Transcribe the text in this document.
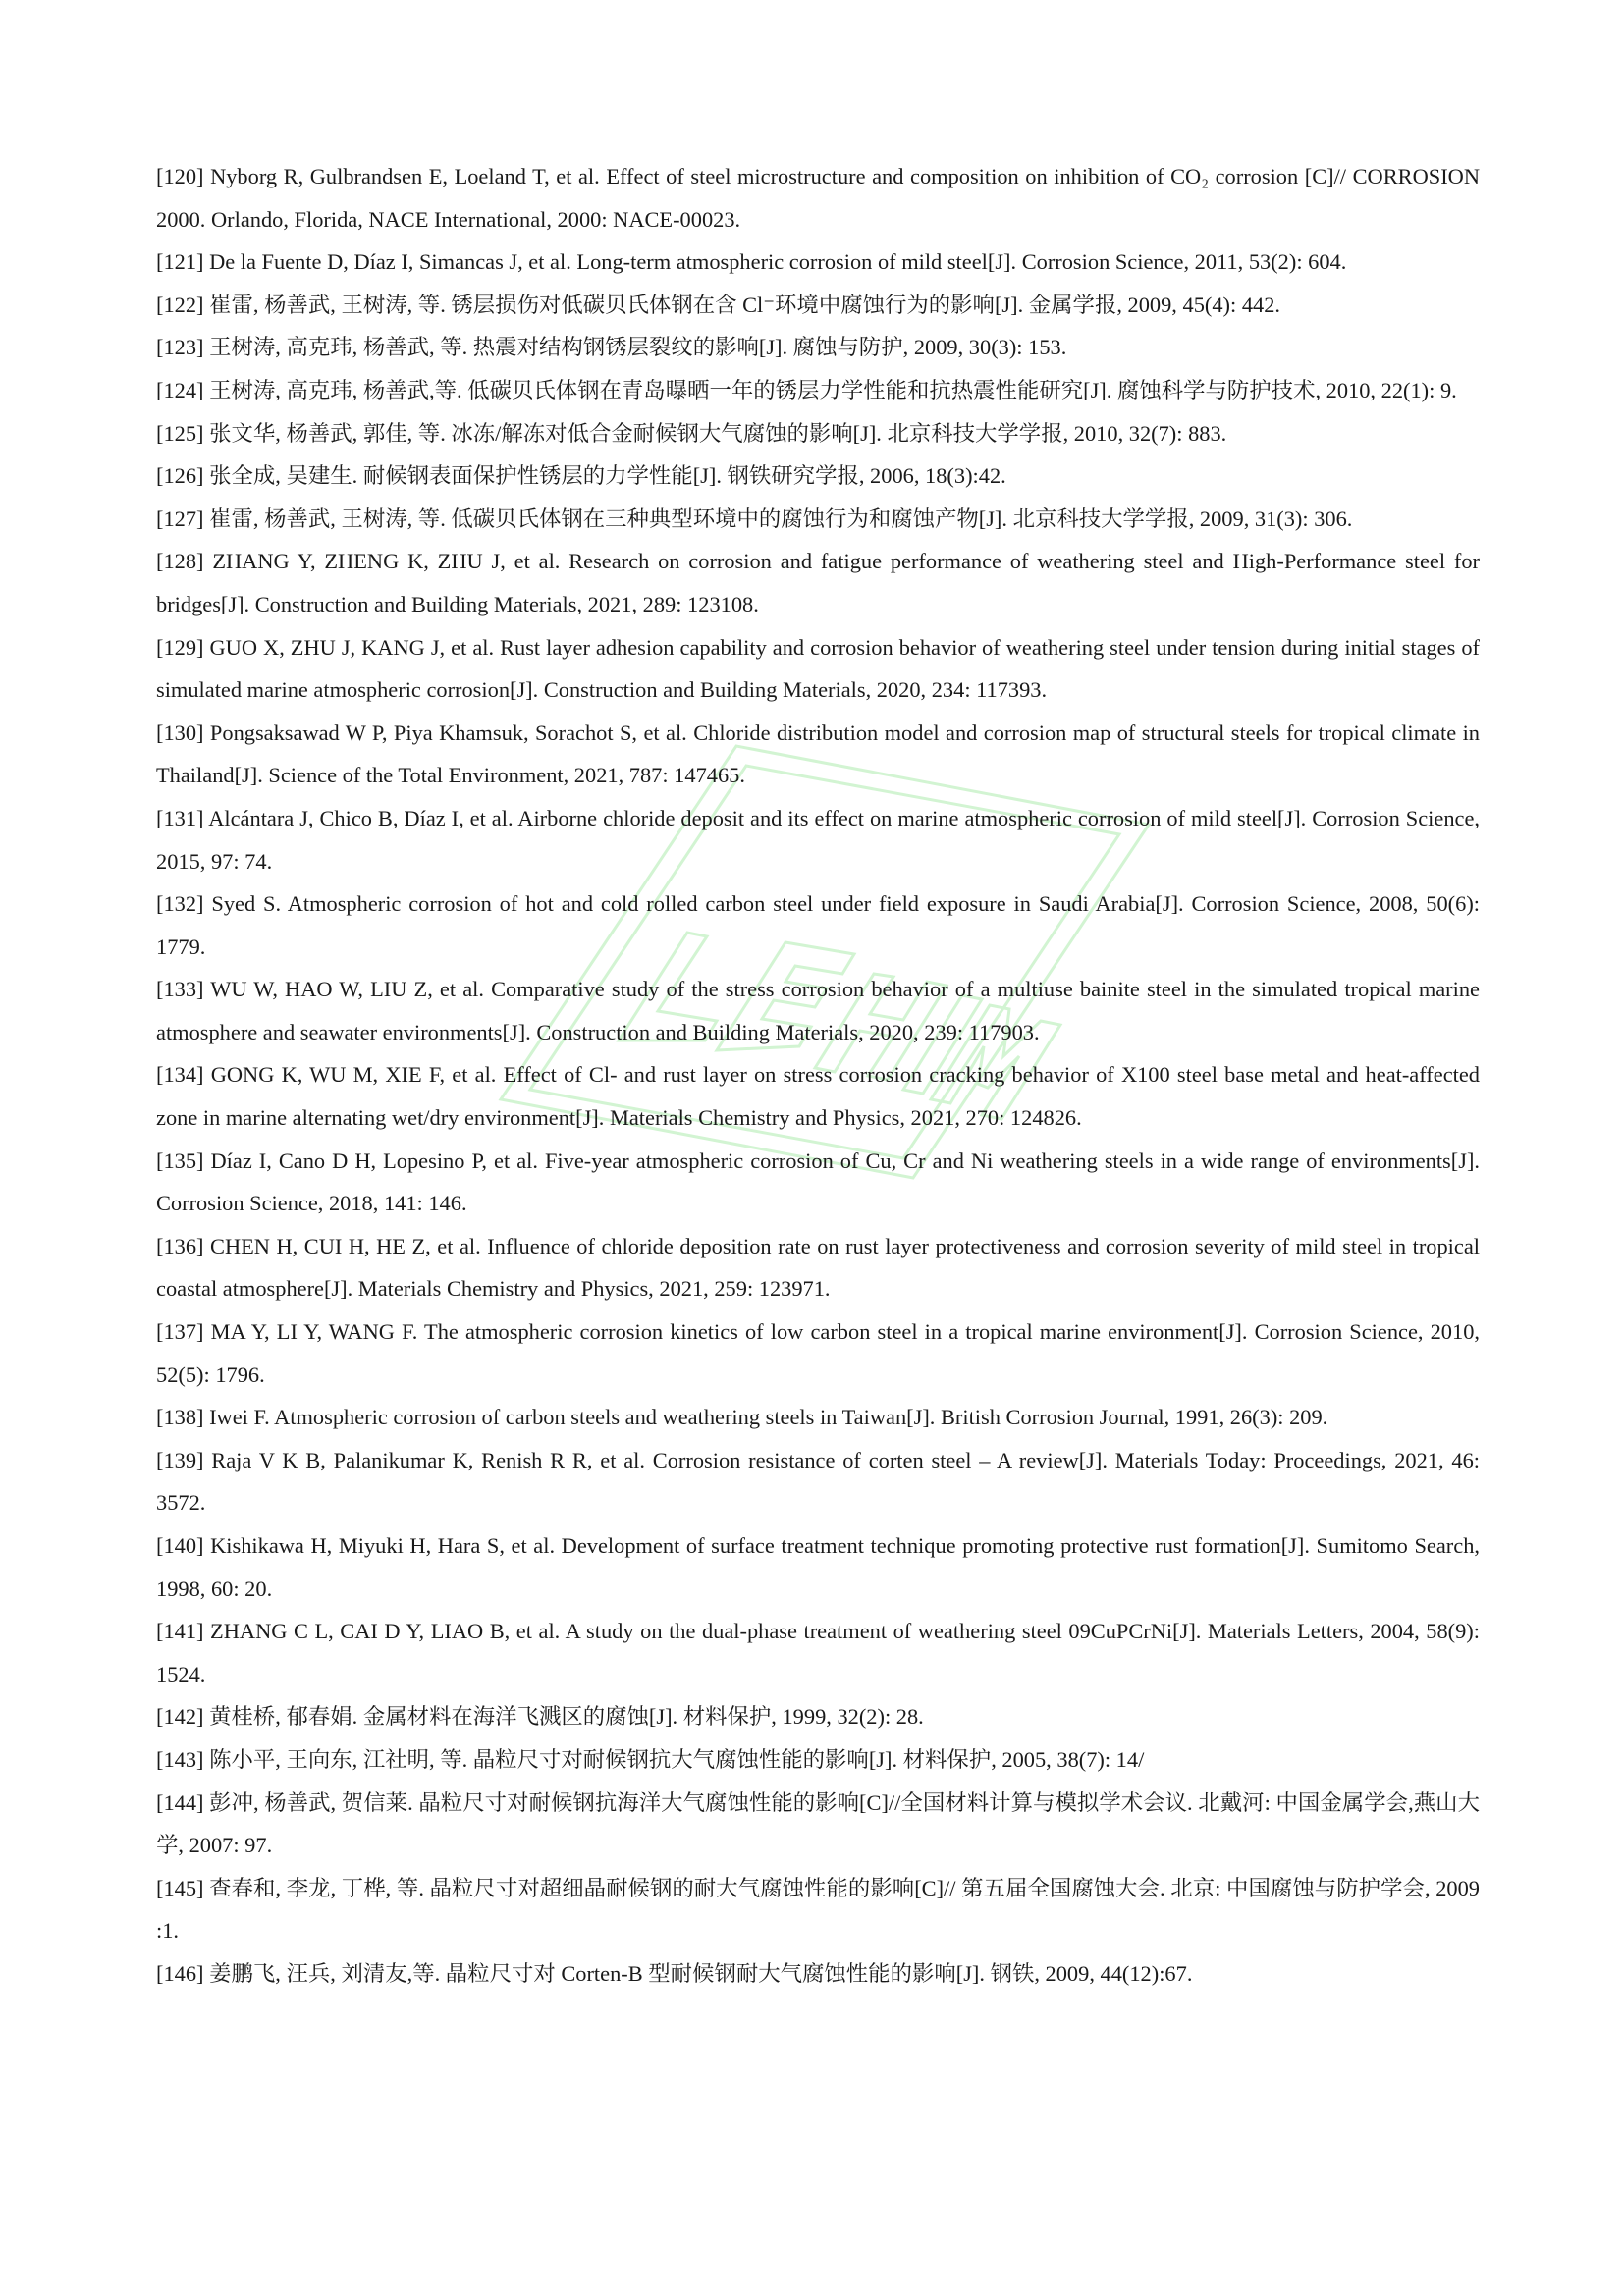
[120] Nyborg R, Gulbrandsen E, Loeland T, et al. Effect of steel microstructure and composition on inhibition of CO₂ corrosion [C]// CORROSION 2000. Orlando, Florida, NACE International, 2000: NACE-00023.

[121] De la Fuente D, Díaz I, Simancas J, et al. Long-term atmospheric corrosion of mild steel[J]. Corrosion Science, 2011, 53(2): 604.

[122] 崔雷, 杨善武, 王树涛, 等. 锈层损伤对低碳贝氏体钢在含 Cl⁻环境中腐蚀行为的影响[J]. 金属学报, 2009, 45(4): 442.

[123] 王树涛, 高克玮, 杨善武, 等. 热震对结构钢锈层裂纹的影响[J]. 腐蚀与防护, 2009, 30(3): 153.

[124] 王树涛, 高克玮, 杨善武,等. 低碳贝氏体钢在青岛曝晒一年的锈层力学性能和抗热震性能研究[J]. 腐蚀科学与防护技术, 2010, 22(1): 9.

[125] 张文华, 杨善武, 郭佳, 等. 冰冻/解冻对低合金耐候钢大气腐蚀的影响[J]. 北京科技大学学报, 2010, 32(7): 883.

[126] 张全成, 吴建生. 耐候钢表面保护性锈层的力学性能[J]. 钢铁研究学报, 2006, 18(3):42.

[127] 崔雷, 杨善武, 王树涛, 等. 低碳贝氏体钢在三种典型环境中的腐蚀行为和腐蚀产物[J]. 北京科技大学学报, 2009, 31(3): 306.

[128] ZHANG Y, ZHENG K, ZHU J, et al. Research on corrosion and fatigue performance of weathering steel and High-Performance steel for bridges[J]. Construction and Building Materials, 2021, 289: 123108.

[129] GUO X, ZHU J, KANG J, et al. Rust layer adhesion capability and corrosion behavior of weathering steel under tension during initial stages of simulated marine atmospheric corrosion[J]. Construction and Building Materials, 2020, 234: 117393.

[130] Pongsaksawad W P, Piya Khamsuk, Sorachot S, et al. Chloride distribution model and corrosion map of structural steels for tropical climate in Thailand[J]. Science of the Total Environment, 2021, 787: 147465.

[131] Alcántara J, Chico B, Díaz I, et al. Airborne chloride deposit and its effect on marine atmospheric corrosion of mild steel[J]. Corrosion Science, 2015, 97: 74.

[132] Syed S. Atmospheric corrosion of hot and cold rolled carbon steel under field exposure in Saudi Arabia[J]. Corrosion Science, 2008, 50(6): 1779.

[133] WU W, HAO W, LIU Z, et al. Comparative study of the stress corrosion behavior of a multiuse bainite steel in the simulated tropical marine atmosphere and seawater environments[J]. Construction and Building Materials, 2020, 239: 117903.

[134] GONG K, WU M, XIE F, et al. Effect of Cl- and rust layer on stress corrosion cracking behavior of X100 steel base metal and heat-affected zone in marine alternating wet/dry environment[J]. Materials Chemistry and Physics, 2021, 270: 124826.

[135] Díaz I, Cano D H, Lopesino P, et al. Five-year atmospheric corrosion of Cu, Cr and Ni weathering steels in a wide range of environments[J]. Corrosion Science, 2018, 141: 146.

[136] CHEN H, CUI H, HE Z, et al. Influence of chloride deposition rate on rust layer protectiveness and corrosion severity of mild steel in tropical coastal atmosphere[J]. Materials Chemistry and Physics, 2021, 259: 123971.

[137] MA Y, LI Y, WANG F. The atmospheric corrosion kinetics of low carbon steel in a tropical marine environment[J]. Corrosion Science, 2010, 52(5): 1796.

[138] Iwei F. Atmospheric corrosion of carbon steels and weathering steels in Taiwan[J]. British Corrosion Journal, 1991, 26(3): 209.

[139] Raja V K B, Palanikumar K, Renish R R, et al. Corrosion resistance of corten steel – A review[J]. Materials Today: Proceedings, 2021, 46: 3572.

[140] Kishikawa H, Miyuki H, Hara S, et al. Development of surface treatment technique promoting protective rust formation[J]. Sumitomo Search, 1998, 60: 20.

[141] ZHANG C L, CAI D Y, LIAO B, et al. A study on the dual-phase treatment of weathering steel 09CuPCrNi[J]. Materials Letters, 2004, 58(9): 1524.

[142] 黄桂桥, 郁春娟. 金属材料在海洋飞溅区的腐蚀[J]. 材料保护, 1999, 32(2): 28.

[143] 陈小平, 王向东, 江社明, 等. 晶粒尺寸对耐候钢抗大气腐蚀性能的影响[J]. 材料保护, 2005, 38(7): 14/

[144] 彭冲, 杨善武, 贺信莱. 晶粒尺寸对耐候钢抗海洋大气腐蚀性能的影响[C]//全国材料计算与模拟学术会议. 北戴河: 中国金属学会,燕山大学, 2007: 97.

[145] 查春和, 李龙, 丁桦, 等. 晶粒尺寸对超细晶耐候钢的耐大气腐蚀性能的影响[C]// 第五届全国腐蚀大会. 北京: 中国腐蚀与防护学会, 2009 :1.

[146] 姜鹏飞, 汪兵, 刘清友,等. 晶粒尺寸对 Corten-B 型耐候钢耐大气腐蚀性能的影响[J]. 钢铁, 2009, 44(12):67.
